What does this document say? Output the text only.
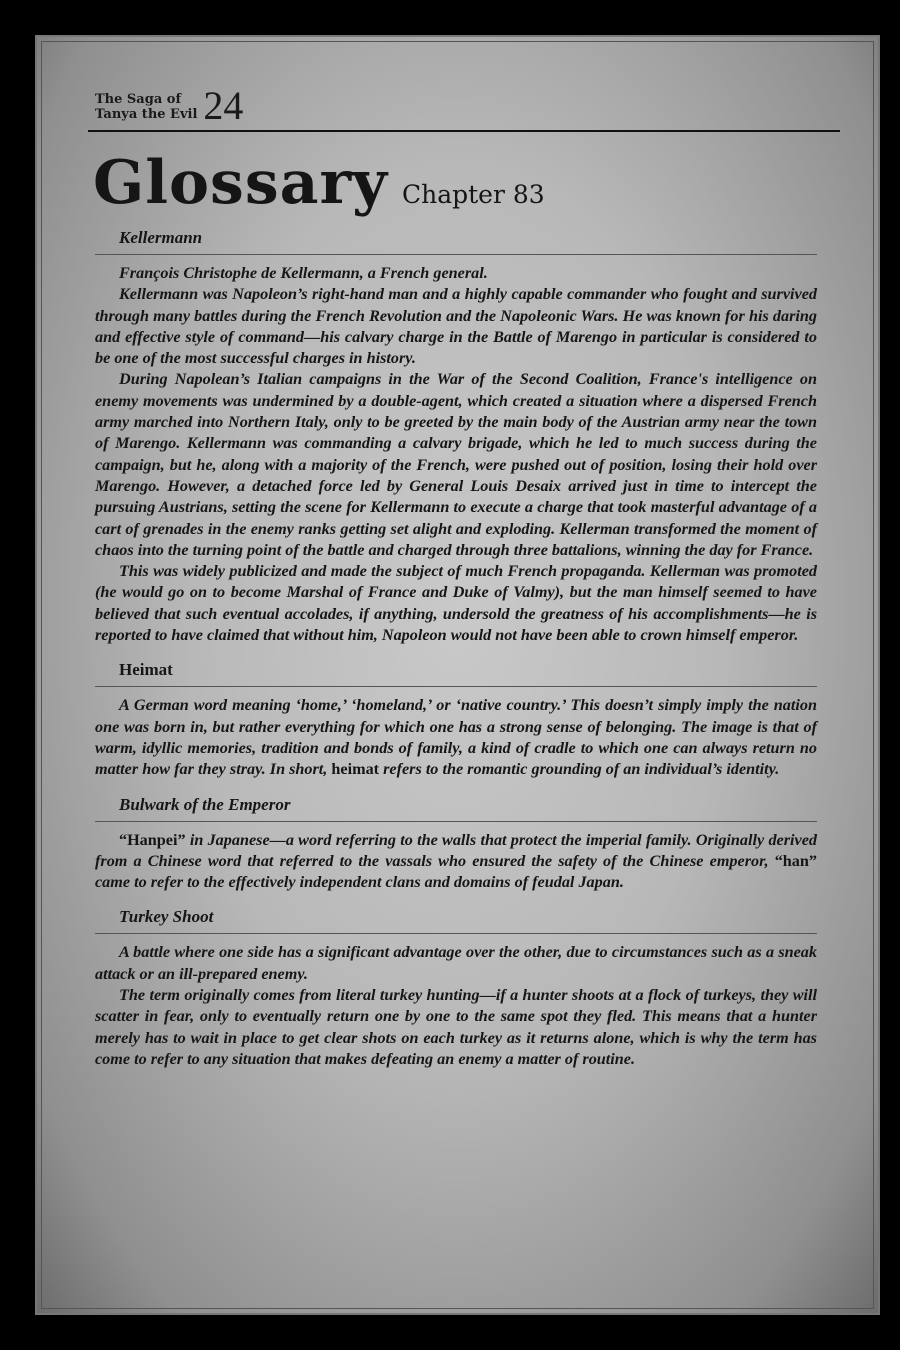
The Saga of
Tanya the Evil 24
Glossary Chapter 83
Kellermann

François Christophe de Kellermann, a French general.

Kellermann was Napoleon’s right-hand man and a highly capable commander who fought and survived through many battles during the French Revolution and the Napoleonic Wars. He was known for his daring and effective style of command—his calvary charge in the Battle of Marengo in particular is considered to be one of the most successful charges in history.

During Napolean’s Italian campaigns in the War of the Second Coalition, France's intelligence on enemy movements was undermined by a double-agent, which created a situation where a dispersed French army marched into Northern Italy, only to be greeted by the main body of the Austrian army near the town of Marengo. Kellermann was commanding a calvary brigade, which he led to much success during the campaign, but he, along with a majority of the French, were pushed out of position, losing their hold over Marengo. However, a detached force led by General Louis Desaix arrived just in time to intercept the pursuing Austrians, setting the scene for Kellermann to execute a charge that took masterful advantage of a cart of grenades in the enemy ranks getting set alight and exploding. Kellerman transformed the moment of chaos into the turning point of the battle and charged through three battalions, winning the day for France.

This was widely publicized and made the subject of much French propaganda. Kellerman was promoted (he would go on to become Marshal of France and Duke of Valmy), but the man himself seemed to have believed that such eventual accolades, if anything, undersold the greatness of his accomplishments—he is reported to have claimed that without him, Napoleon would not have been able to crown himself emperor.

Heimat

A German word meaning ‘home,’ ‘homeland,’ or ‘native country.’ This doesn’t simply imply the nation one was born in, but rather everything for which one has a strong sense of belonging. The image is that of warm, idyllic memories, tradition and bonds of family, a kind of cradle to which one can always return no matter how far they stray. In short, heimat refers to the romantic grounding of an individual’s identity.

Bulwark of the Emperor

“Hanpei” in Japanese—a word referring to the walls that protect the imperial family. Originally derived from a Chinese word that referred to the vassals who ensured the safety of the Chinese emperor, “han” came to refer to the effectively independent clans and domains of feudal Japan.

Turkey Shoot

A battle where one side has a significant advantage over the other, due to circumstances such as a sneak attack or an ill-prepared enemy.

The term originally comes from literal turkey hunting—if a hunter shoots at a flock of turkeys, they will scatter in fear, only to eventually return one by one to the same spot they fled. This means that a hunter merely has to wait in place to get clear shots on each turkey as it returns alone, which is why the term has come to refer to any situation that makes defeating an enemy a matter of routine.
